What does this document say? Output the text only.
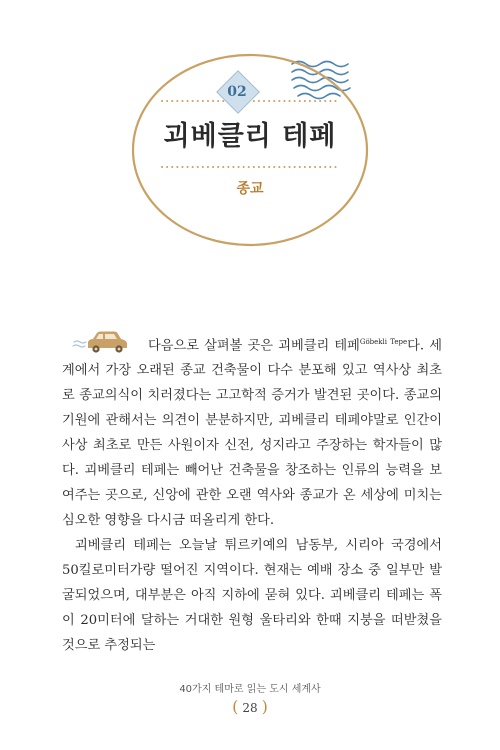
02
괴베클리 테페
종교

다음으로 살펴볼 곳은 괴베클리 테페$^{Göbekli Tepe}$다. 세계에서 가장 오래된 종교 건축물이 다수 분포해 있고 역사상 최초로 종교의식이 치러졌다는 고고학적 증거가 발견된 곳이다. 종교의 기원에 관해서는 의견이 분분하지만, 괴베클리 테페야말로 인간이 사상 최초로 만든 사원이자 신전, 성지라고 주장하는 학자들이 많다. 괴베클리 테페는 빼어난 건축물을 창조하는 인류의 능력을 보여주는 곳으로, 신앙에 관한 오랜 역사와 종교가 온 세상에 미치는 심오한 영향을 다시금 떠올리게 한다.

괴베클리 테페는 오늘날 튀르키예의 남동부, 시리아 국경에서 50킬로미터가량 떨어진 지역이다. 현재는 예배 장소 중 일부만 발굴되었으며, 대부분은 아직 지하에 묻혀 있다. 괴베클리 테페는 폭이 20미터에 달하는 거대한 원형 울타리와 한때 지붕을 떠받쳤을 것으로 추정되는

40가지 테마로 읽는 도시 세계사
( 28 )
